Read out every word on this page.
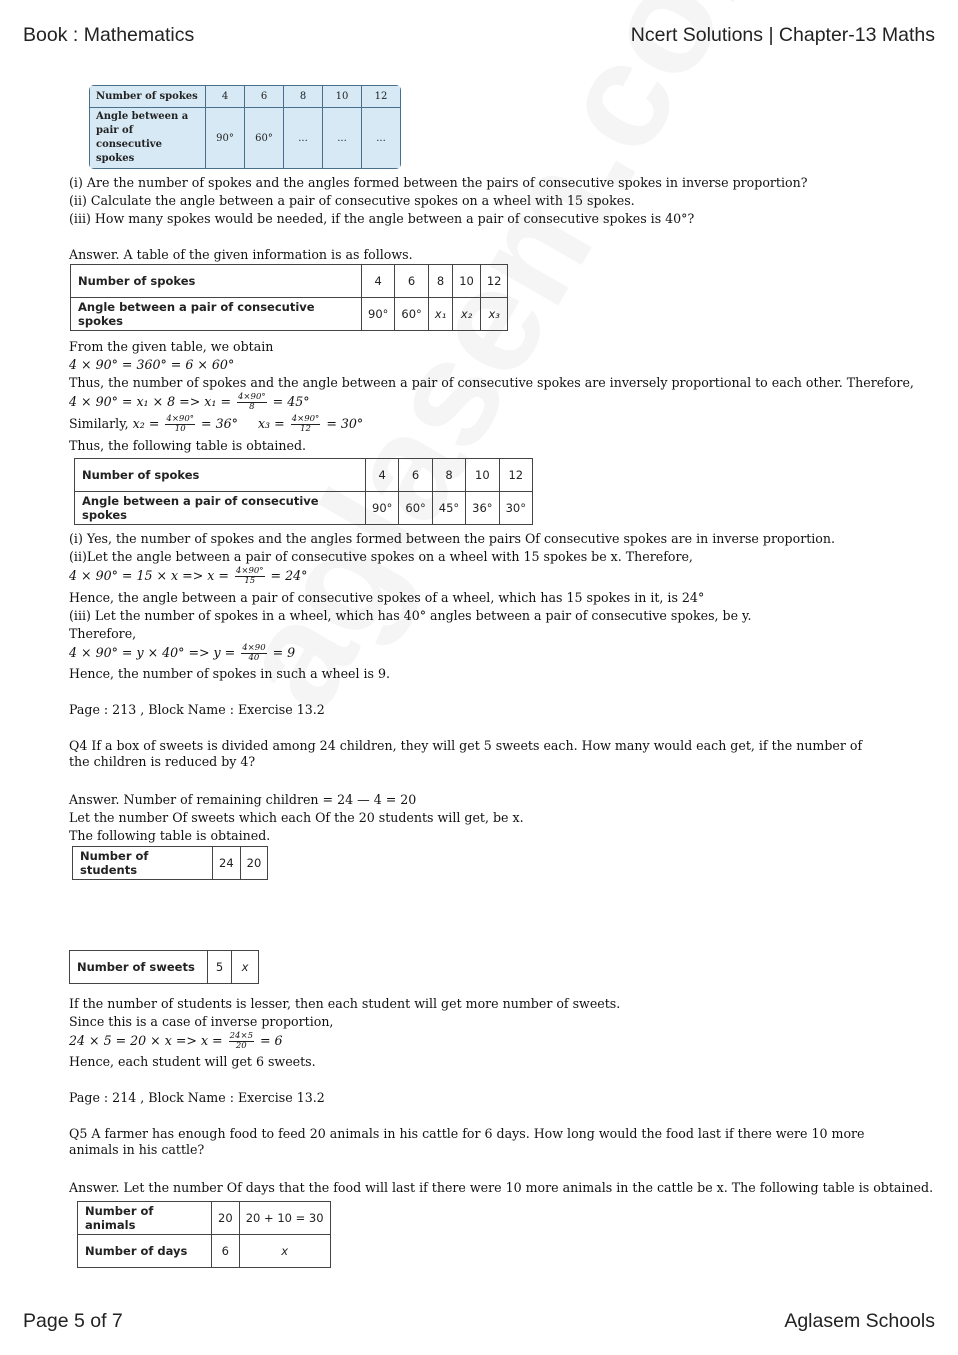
Book : Mathematics	Ncert Solutions | Chapter-13 Maths
Number of spokes	4	6	8	10	12
Angle between a pair of consecutive spokes	90°	60°	...	...	...
(i) Are the number of spokes and the angles formed between the pairs of consecutive spokes in inverse proportion?
(ii) Calculate the angle between a pair of consecutive spokes on a wheel with 15 spokes.
(iii) How many spokes would be needed, if the angle between a pair of consecutive spokes is 40°?
Answer. A table of the given information is as follows.
Number of spokes	4	6	8	10	12
Angle between a pair of consecutive spokes	90°	60°	x₁	x₂	x₃
From the given table, we obtain
4 × 90° = 360° = 6 × 60°
Thus, the number of spokes and the angle between a pair of consecutive spokes are inversely proportional to each other. Therefore,
$4 \times 90^\circ = x_1 \times 8 => x_1 = \frac{4\times 90^\circ}{8} = 45^\circ$
Similarly, $x_2 = \frac{4\times 90^\circ}{10} = 36^\circ$ $x_3 = \frac{4\times 90^\circ}{12} = 30^\circ$
Thus, the following table is obtained.
Number of spokes	4	6	8	10	12
Angle between a pair of consecutive spokes	90°	60°	45°	36°	30°
(i) Yes, the number of spokes and the angles formed between the pairs Of consecutive spokes are in inverse proportion.
(ii)Let the angle between a pair of consecutive spokes on a wheel with 15 spokes be x. Therefore,
$4 \times 90^\circ = 15 \times x => x = \frac{4\times 90^\circ}{15} = 24^\circ$
Hence, the angle between a pair of consecutive spokes of a wheel, which has 15 spokes in it, is 24°
(iii) Let the number of spokes in a wheel, which has 40° angles between a pair of consecutive spokes, be y.
Therefore,
$4 \times 90^\circ = y \times 40^\circ => y = \frac{4\times 90}{40} = 9$
Hence, the number of spokes in such a wheel is 9.
Page : 213 , Block Name : Exercise 13.2
Q4 If a box of sweets is divided among 24 children, they will get 5 sweets each. How many would each get, if the number of the children is reduced by 4?
Answer. Number of remaining children = 24 — 4 = 20
Let the number Of sweets which each Of the 20 students will get, be x.
The following table is obtained.
Number of students	24	20
Number of sweets	5	x
If the number of students is lesser, then each student will get more number of sweets.
Since this is a case of inverse proportion,
$24 \times 5 = 20 \times x => x = \frac{24\times 5}{20} = 6$
Hence, each student will get 6 sweets.
Page : 214 , Block Name : Exercise 13.2
Q5 A farmer has enough food to feed 20 animals in his cattle for 6 days. How long would the food last if there were 10 more animals in his cattle?
Answer. Let the number Of days that the food will last if there were 10 more animals in the cattle be x. The following table is obtained.
Number of animals	20	20 + 10 = 30
Number of days	6	x
Page 5 of 7	Aglasem Schools
